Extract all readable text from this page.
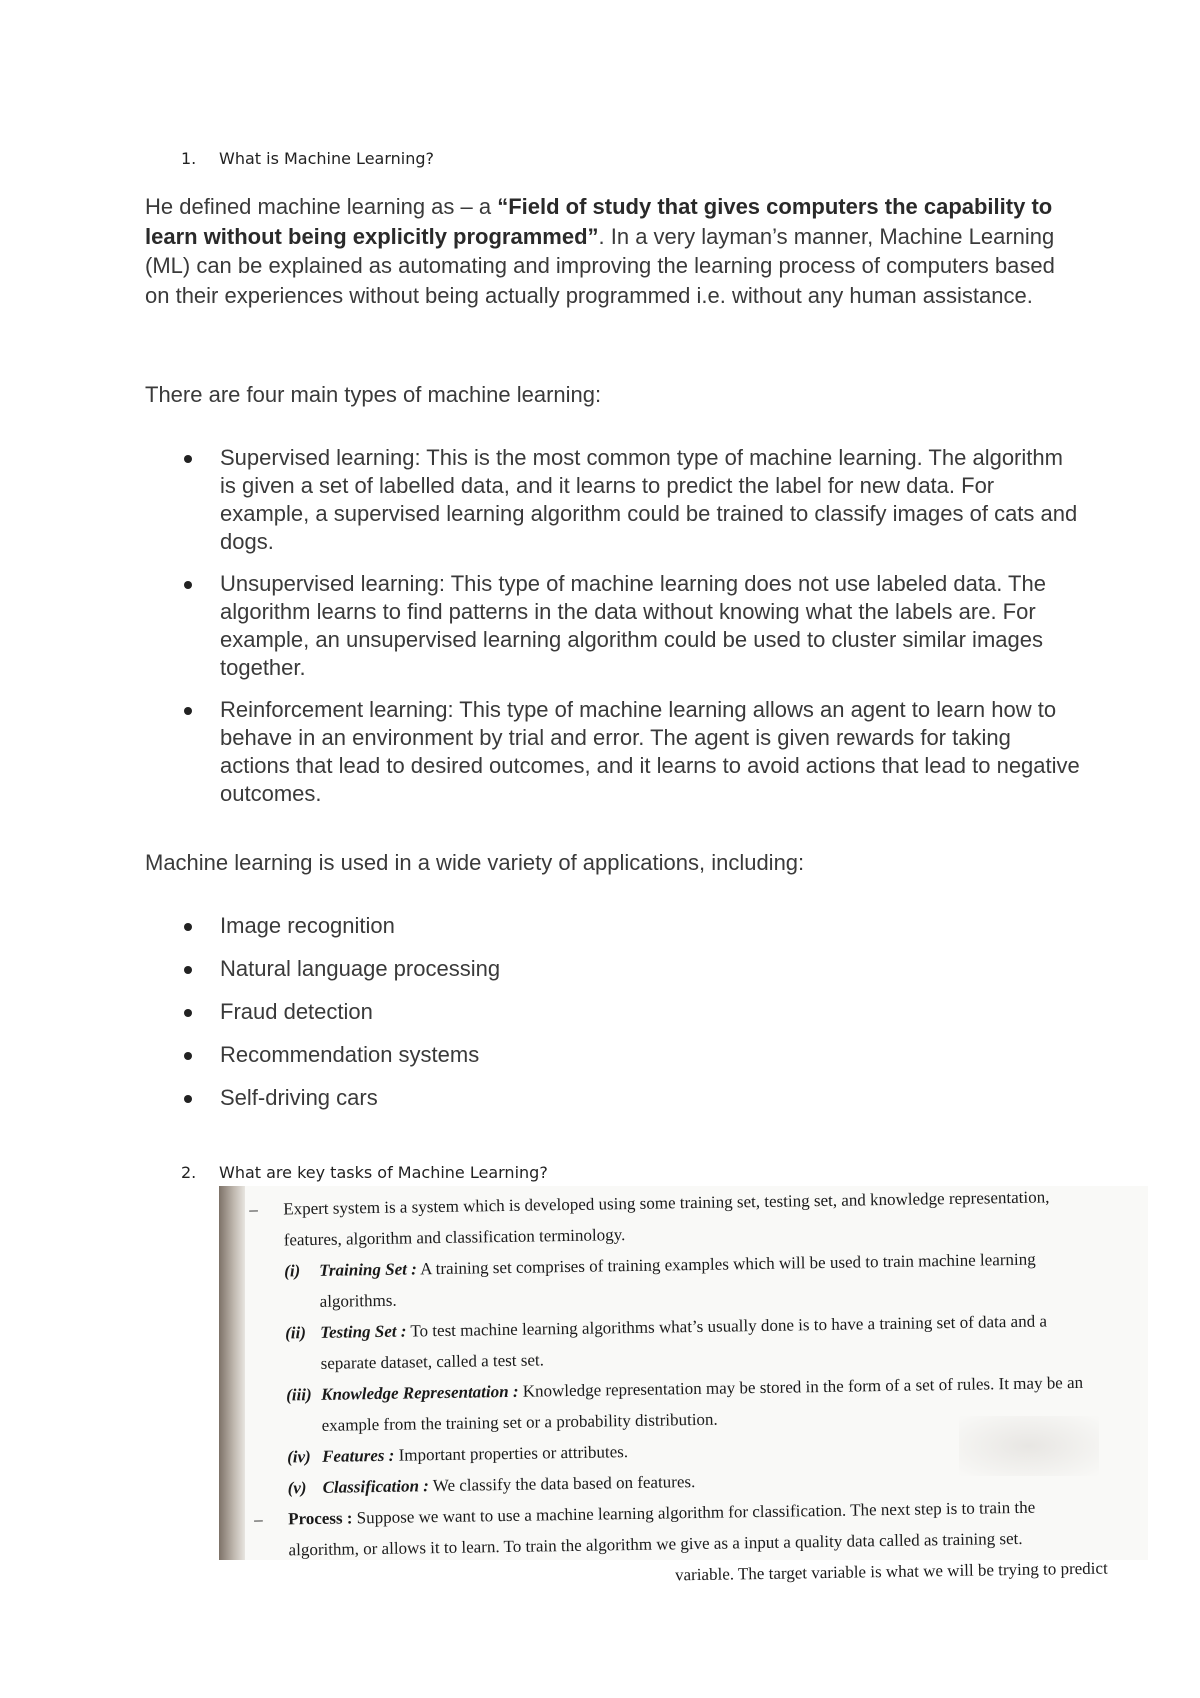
1. What is Machine Learning?
He defined machine learning as – a “Field of study that gives computers the capability to learn without being explicitly programmed”. In a very layman’s manner, Machine Learning (ML) can be explained as automating and improving the learning process of computers based on their experiences without being actually programmed i.e. without any human assistance.
There are four main types of machine learning:
Supervised learning: This is the most common type of machine learning. The algorithm is given a set of labelled data, and it learns to predict the label for new data. For example, a supervised learning algorithm could be trained to classify images of cats and dogs.
Unsupervised learning: This type of machine learning does not use labeled data. The algorithm learns to find patterns in the data without knowing what the labels are. For example, an unsupervised learning algorithm could be used to cluster similar images together.
Reinforcement learning: This type of machine learning allows an agent to learn how to behave in an environment by trial and error. The agent is given rewards for taking actions that lead to desired outcomes, and it learns to avoid actions that lead to negative outcomes.
Machine learning is used in a wide variety of applications, including:
Image recognition
Natural language processing
Fraud detection
Recommendation systems
Self-driving cars
2. What are key tasks of Machine Learning?
– Expert system is a system which is developed using some training set, testing set, and knowledge representation,
features, algorithm and classification terminology.
(i) Training Set : A training set comprises of training examples which will be used to train machine learning
algorithms.
(ii) Testing Set : To test machine learning algorithms what’s usually done is to have a training set of data and a
separate dataset, called a test set.
(iii) Knowledge Representation : Knowledge representation may be stored in the form of a set of rules. It may be an
example from the training set or a probability distribution.
(iv) Features : Important properties or attributes.
(v) Classification : We classify the data based on features.
– Process : Suppose we want to use a machine learning algorithm for classification. The next step is to train the
algorithm, or allows it to learn. To train the algorithm we give as a input a quality data called as training set.
variable. The target variable is what we will be trying to predict
